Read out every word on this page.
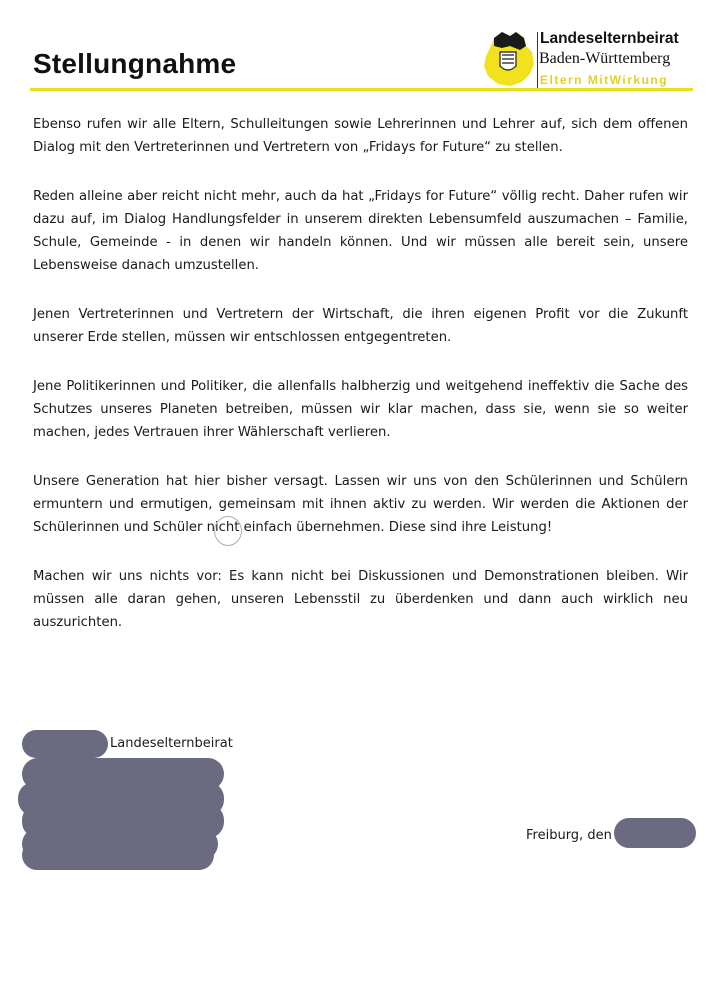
Stellungnahme
Landeselternbeirat
Baden-Württemberg
Eltern MitWirkung

Ebenso rufen wir alle Eltern, Schulleitungen sowie Lehrerinnen und Lehrer auf, sich dem offenen Dialog mit den Vertreterinnen und Vertretern von „Fridays for Future“ zu stellen.

Reden alleine aber reicht nicht mehr, auch da hat „Fridays for Future“ völlig recht. Daher rufen wir dazu auf, im Dialog Handlungsfelder in unserem direkten Lebensumfeld auszumachen – Familie, Schule, Gemeinde - in denen wir handeln können. Und wir müssen alle bereit sein, unsere Lebensweise danach umzustellen.

Jenen Vertreterinnen und Vertretern der Wirtschaft, die ihren eigenen Profit vor die Zukunft unserer Erde stellen, müssen wir entschlossen entgegentreten.

Jene Politikerinnen und Politiker, die allenfalls halbherzig und weitgehend ineffektiv die Sache des Schutzes unseres Planeten betreiben, müssen wir klar machen, dass sie, wenn sie so weiter machen, jedes Vertrauen ihrer Wählerschaft verlieren.

Unsere Generation hat hier bisher versagt. Lassen wir uns von den Schülerinnen und Schülern ermuntern und ermutigen, gemeinsam mit ihnen aktiv zu werden. Wir werden die Aktionen der Schülerinnen und Schüler nicht einfach übernehmen. Diese sind ihre Leistung!

Machen wir uns nichts vor: Es kann nicht bei Diskussionen und Demonstrationen bleiben. Wir müssen alle daran gehen, unseren Lebensstil zu überdenken und dann auch wirklich neu auszurichten.

Landeselternbeirat
Freiburg, den
